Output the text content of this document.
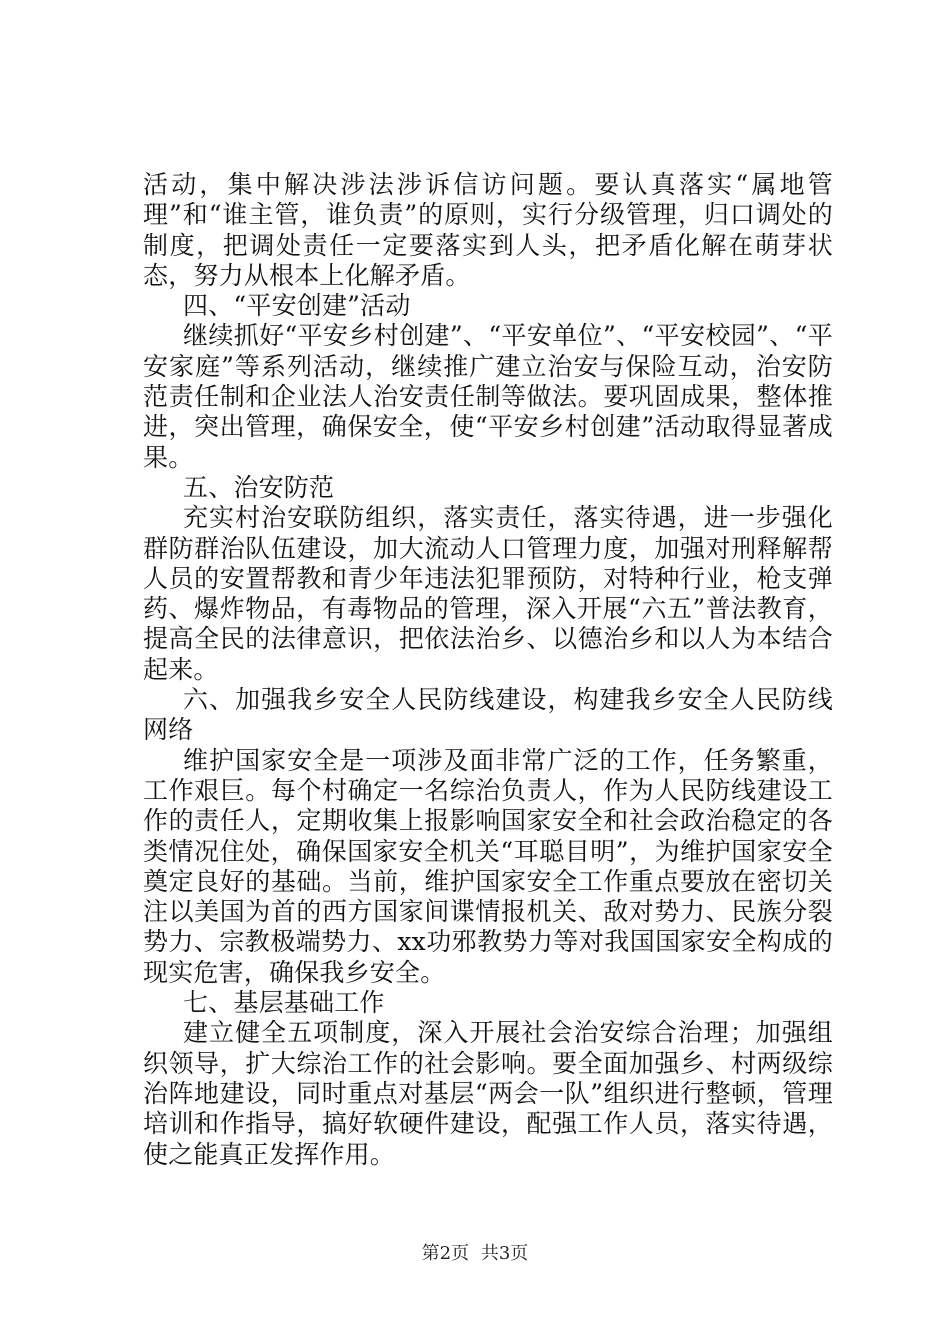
活动，集中解决涉法涉诉信访问题。要认真落实“属地管理”和“谁主管，谁负责”的原则，实行分级管理，归口调处的制度，把调处责任一定要落实到人头，把矛盾化解在萌芽状态，努力从根本上化解矛盾。

四、“平安创建”活动

继续抓好“平安乡村创建”、“平安单位”、“平安校园”、“平安家庭”等系列活动，继续推广建立治安与保险互动，治安防范责任制和企业法人治安责任制等做法。要巩固成果，整体推进，突出管理，确保安全，使“平安乡村创建”活动取得显著成果。

五、治安防范

充实村治安联防组织，落实责任，落实待遇，进一步强化群防群治队伍建设，加大流动人口管理力度，加强对刑释解帮人员的安置帮教和青少年违法犯罪预防，对特种行业，枪支弹药、爆炸物品，有毒物品的管理，深入开展“六五”普法教育，提高全民的法律意识，把依法治乡、以德治乡和以人为本结合起来。

六、加强我乡安全人民防线建设，构建我乡安全人民防线网络

维护国家安全是一项涉及面非常广泛的工作，任务繁重，工作艰巨。每个村确定一名综治负责人，作为人民防线建设工作的责任人，定期收集上报影响国家安全和社会政治稳定的各类情况住处，确保国家安全机关“耳聪目明”，为维护国家安全奠定良好的基础。当前，维护国家安全工作重点要放在密切关注以美国为首的西方国家间谍情报机关、敌对势力、民族分裂势力、宗教极端势力、xx功邪教势力等对我国国家安全构成的现实危害，确保我乡安全。

七、基层基础工作

建立健全五项制度，深入开展社会治安综合治理；加强组织领导，扩大综治工作的社会影响。要全面加强乡、村两级综治阵地建设，同时重点对基层“两会一队”组织进行整顿，管理培训和作指导，搞好软硬件建设，配强工作人员，落实待遇，使之能真正发挥作用。

第2页 共3页
